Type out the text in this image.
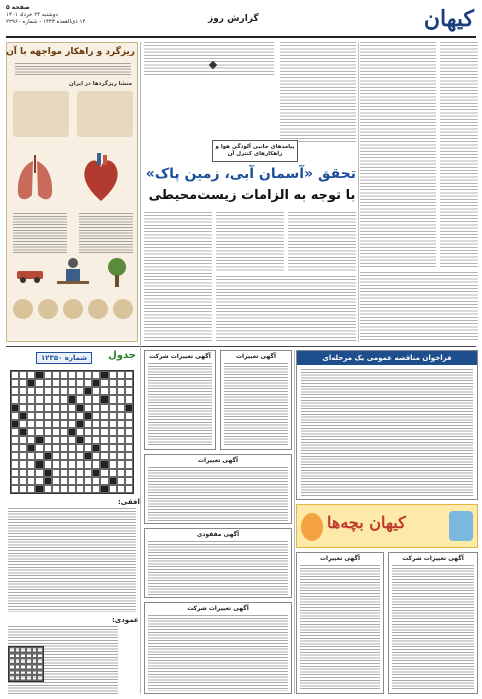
صفحه ۵
دوشنبه ۲۴ خرداد ۱۴۰۱
۱۴ ذی‌القعده ۱۴۴۳ - شماره ۲۲۹۶۰	گزارش روز	کیهان
ریزگرد و راهکار مواجهه با آن
منشا ریزگردها در ایران
پیامدهای جانبی آلودگی هوا و راهکارهای کنترل آن
تحقق «آسمان آبی، زمین پاک»
با توجه به الزامات زیست‌محیطی
فراخوان مناقصه عمومی یک مرحله‌ای
کیهان بچه‌ها
آگهی تغییرات شرکت
آگهی تغییرات
آگهی تغییرات
آگهی تغییرات شرکت
آگهی تغییرات
آگهی مفقودی
آگهی تغییرات شرکت
شماره ۱۲۳۵۰	جدول
افقی:
عمودی:
